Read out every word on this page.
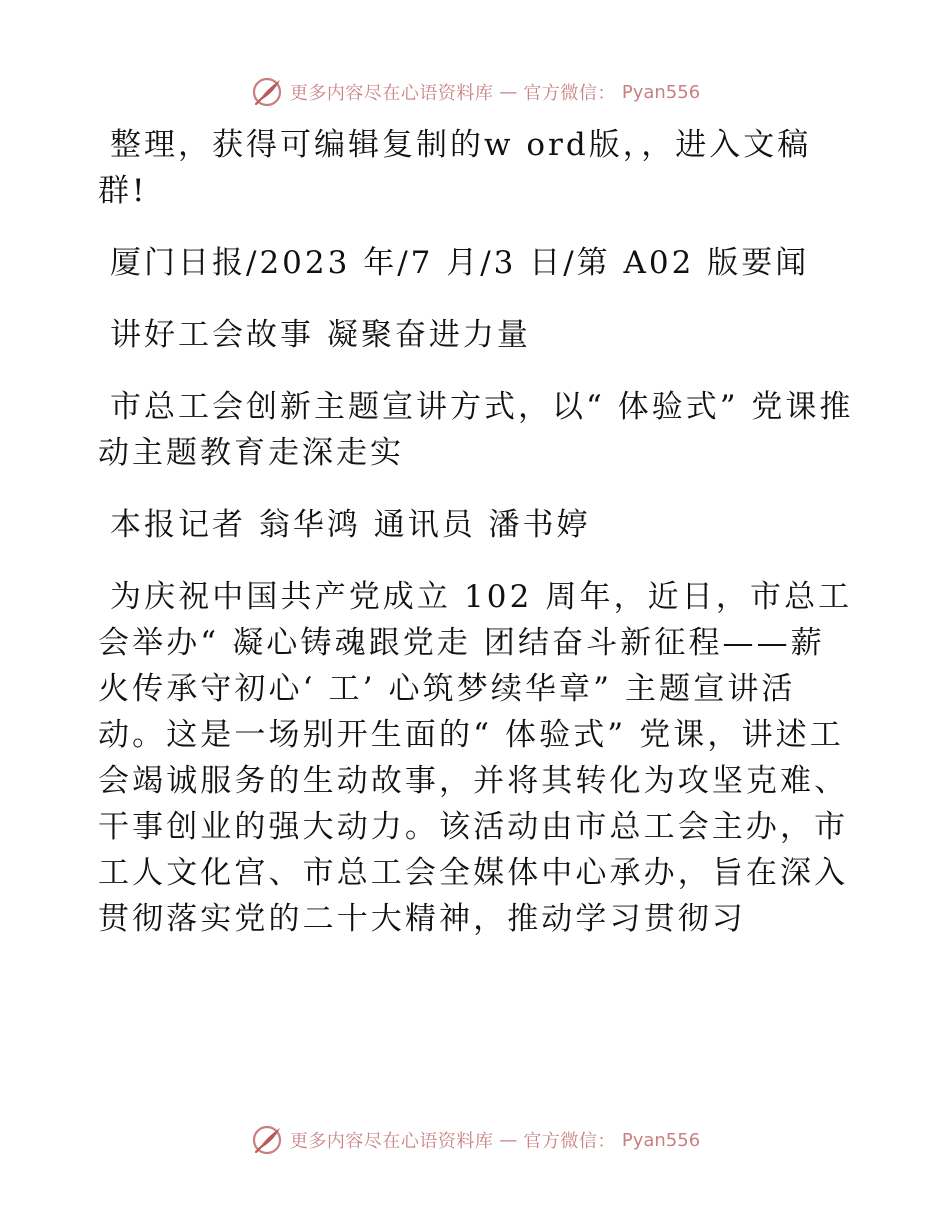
更多内容尽在心语资料库 — 官方微信： Pyan556

整理，获得可编辑复制的w ord版，，进入文稿群!

厦门日报/2023 年/7 月/3 日/第 A02 版要闻

讲好工会故事 凝聚奋进力量

市总工会创新主题宣讲方式，以“ 体验式” 党课推动主题教育走深走实

本报记者 翁华鸿 通讯员 潘书婷

为庆祝中国共产党成立 102 周年，近日，市总工会举办“ 凝心铸魂跟党走 团结奋斗新征程——薪火传承守初心‘ 工’ 心筑梦续华章” 主题宣讲活动。这是一场别开生面的“ 体验式” 党课，讲述工会竭诚服务的生动故事，并将其转化为攻坚克难、干事创业的强大动力。该活动由市总工会主办，市工人文化宫、市总工会全媒体中心承办，旨在深入贯彻落实党的二十大精神，推动学习贯彻习

更多内容尽在心语资料库 — 官方微信： Pyan556
